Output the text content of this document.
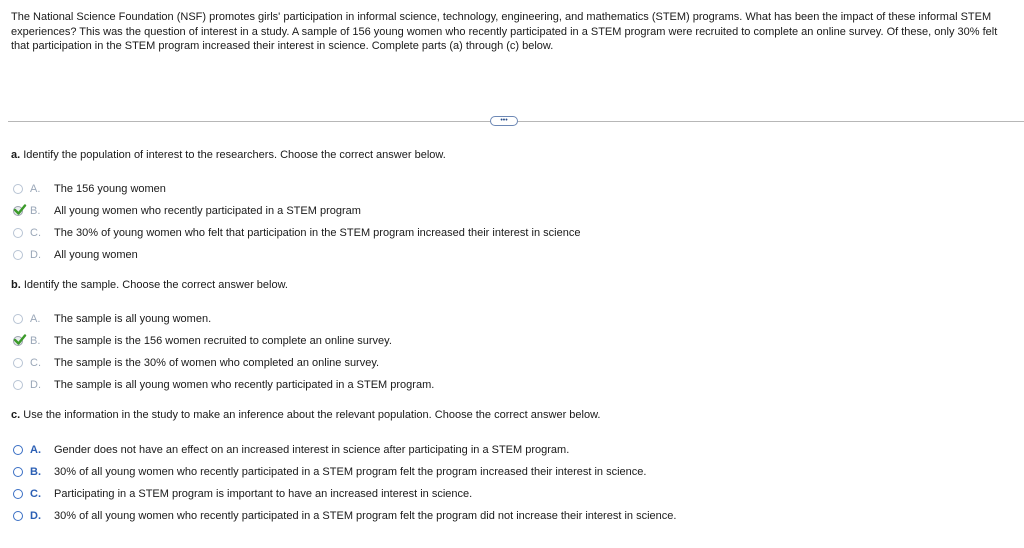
The National Science Foundation (NSF) promotes girls' participation in informal science, technology, engineering, and mathematics (STEM) programs. What has been the impact of these informal STEM experiences? This was the question of interest in a study. A sample of 156 young women who recently participated in a STEM program were recruited to complete an online survey. Of these, only 30% felt that participation in the STEM program increased their interest in science. Complete parts (a) through (c) below.

•••

a. Identify the population of interest to the researchers. Choose the correct answer below.

A.	The 156 young women
B.	All young women who recently participated in a STEM program
C.	The 30% of young women who felt that participation in the STEM program increased their interest in science
D.	All young women

b. Identify the sample. Choose the correct answer below.

A.	The sample is all young women.
B.	The sample is the 156 women recruited to complete an online survey.
C.	The sample is the 30% of women who completed an online survey.
D.	The sample is all young women who recently participated in a STEM program.

c. Use the information in the study to make an inference about the relevant population. Choose the correct answer below.

A.	Gender does not have an effect on an increased interest in science after participating in a STEM program.
B.	30% of all young women who recently participated in a STEM program felt the program increased their interest in science.
C.	Participating in a STEM program is important to have an increased interest in science.
D.	30% of all young women who recently participated in a STEM program felt the program did not increase their interest in science.
